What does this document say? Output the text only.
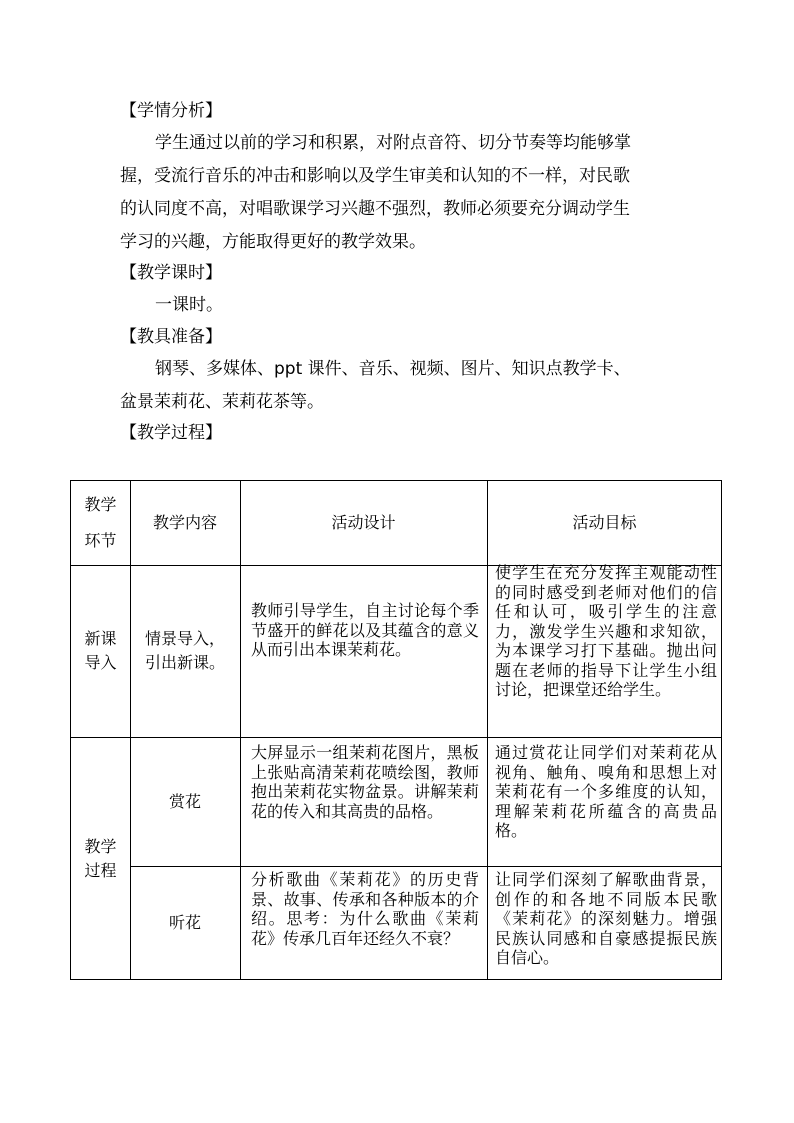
【学情分析】
学生通过以前的学习和积累，对附点音符、切分节奏等均能够掌
握，受流行音乐的冲击和影响以及学生审美和认知的不一样，对民歌
的认同度不高，对唱歌课学习兴趣不强烈，教师必须要充分调动学生
学习的兴趣，方能取得更好的教学效果。
【教学课时】
一课时。
【教具准备】
钢琴、多媒体、ppt 课件、音乐、视频、图片、知识点教学卡、
盆景茉莉花、茉莉花茶等。
【教学过程】
教学
环节
教学内容	活动设计	活动目标
新课
导入
情景导入，
引出新课。
教师引导学生，自主讨论每个季节盛开的鲜花以及其蕴含的意义从而引出本课茉莉花。
使学生在充分发挥主观能动性的同时感受到老师对他们的信任和认可，吸引学生的注意力，激发学生兴趣和求知欲，为本课学习打下基础。抛出问题在老师的指导下让学生小组讨论，把课堂还给学生。
教学
过程
赏花
大屏显示一组茉莉花图片，黑板上张贴高清茉莉花喷绘图，教师抱出茉莉花实物盆景。讲解茉莉花的传入和其高贵的品格。
通过赏花让同学们对茉莉花从视角、触角、嗅角和思想上对茉莉花有一个多维度的认知，理解茉莉花所蕴含的高贵品格。
听花
分析歌曲《茉莉花》的历史背景、故事、传承和各种版本的介绍。思考：为什么歌曲《茉莉花》传承几百年还经久不衰？
让同学们深刻了解歌曲背景，创作的和各地不同版本民歌《茉莉花》的深刻魅力。增强民族认同感和自豪感提振民族自信心。
